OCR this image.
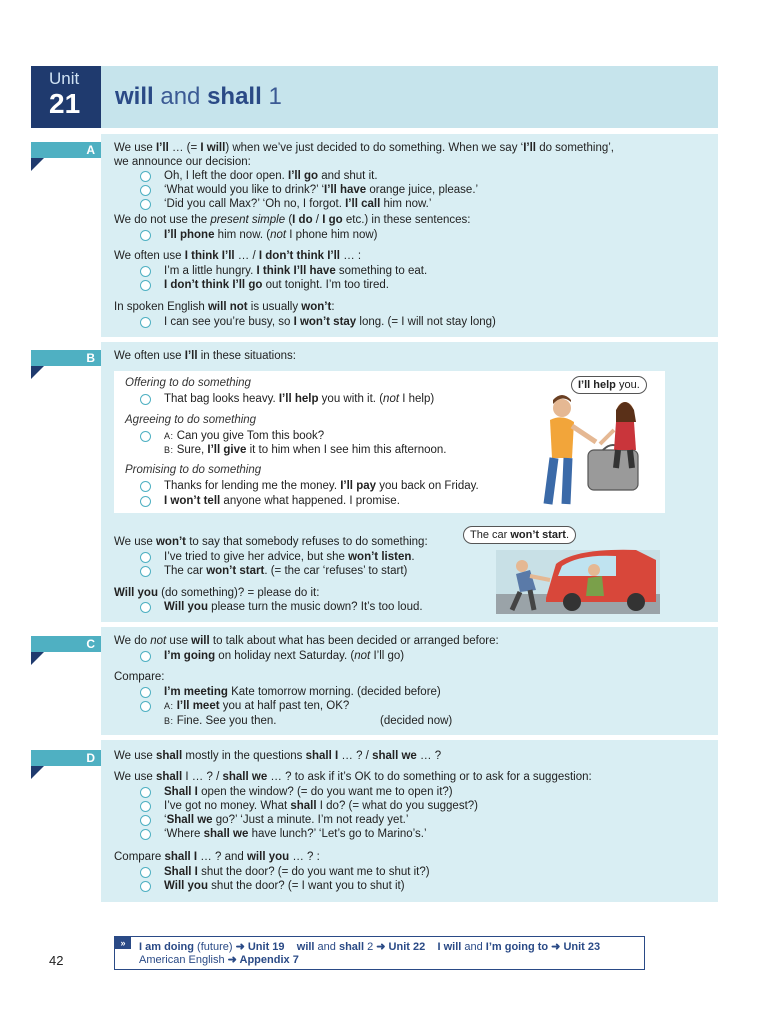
Unit
21 will and shall 1
A	We use I’ll … (= I will) when we’ve just decided to do something. When we say ‘I’ll do something’,
we announce our decision:
Oh, I left the door open. I’ll go and shut it.
‘What would you like to drink?’ ‘I’ll have orange juice, please.’
‘Did you call Max?’ ‘Oh no, I forgot. I’ll call him now.’
We do not use the present simple (I do / I go etc.) in these sentences:
I’ll phone him now. (not I phone him now)
We often use I think I’ll … / I don’t think I’ll … :
I’m a little hungry. I think I’ll have something to eat.
I don’t think I’ll go out tonight. I’m too tired.
In spoken English will not is usually won’t:
I can see you’re busy, so I won’t stay long. (= I will not stay long)
B	We often use I’ll in these situations:
Offering to do something
That bag looks heavy. I’ll help you with it. (not I help)
Agreeing to do something
A: Can you give Tom this book?
B: Sure, I’ll give it to him when I see him this afternoon.
Promising to do something
Thanks for lending me the money. I’ll pay you back on Friday.
I won’t tell anyone what happened. I promise.
I’ll help you.
We use won’t to say that somebody refuses to do something:
I’ve tried to give her advice, but she won’t listen.
The car won’t start. (= the car ‘refuses’ to start)
Will you (do something)? = please do it:
Will you please turn the music down? It’s too loud.
The car won’t start.
C	We do not use will to talk about what has been decided or arranged before:
I’m going on holiday next Saturday. (not I’ll go)
Compare:
I’m meeting Kate tomorrow morning. (decided before)
A: I’ll meet you at half past ten, OK?
B: Fine. See you then.	(decided now)
D	We use shall mostly in the questions shall I … ? / shall we … ?
We use shall I … ? / shall we … ? to ask if it’s OK to do something or to ask for a suggestion:
Shall I open the window? (= do you want me to open it?)
I’ve got no money. What shall I do? (= what do you suggest?)
‘Shall we go?’ ‘Just a minute. I’m not ready yet.’
‘Where shall we have lunch?’ ‘Let’s go to Marino’s.’
Compare shall I … ? and will you … ? :
Shall I shut the door? (= do you want me to shut it?)
Will you shut the door? (= I want you to shut it)
»	I am doing (future) ➜ Unit 19 will and shall 2 ➜ Unit 22 I will and I’m going to ➜ Unit 23
American English ➜ Appendix 7
42
